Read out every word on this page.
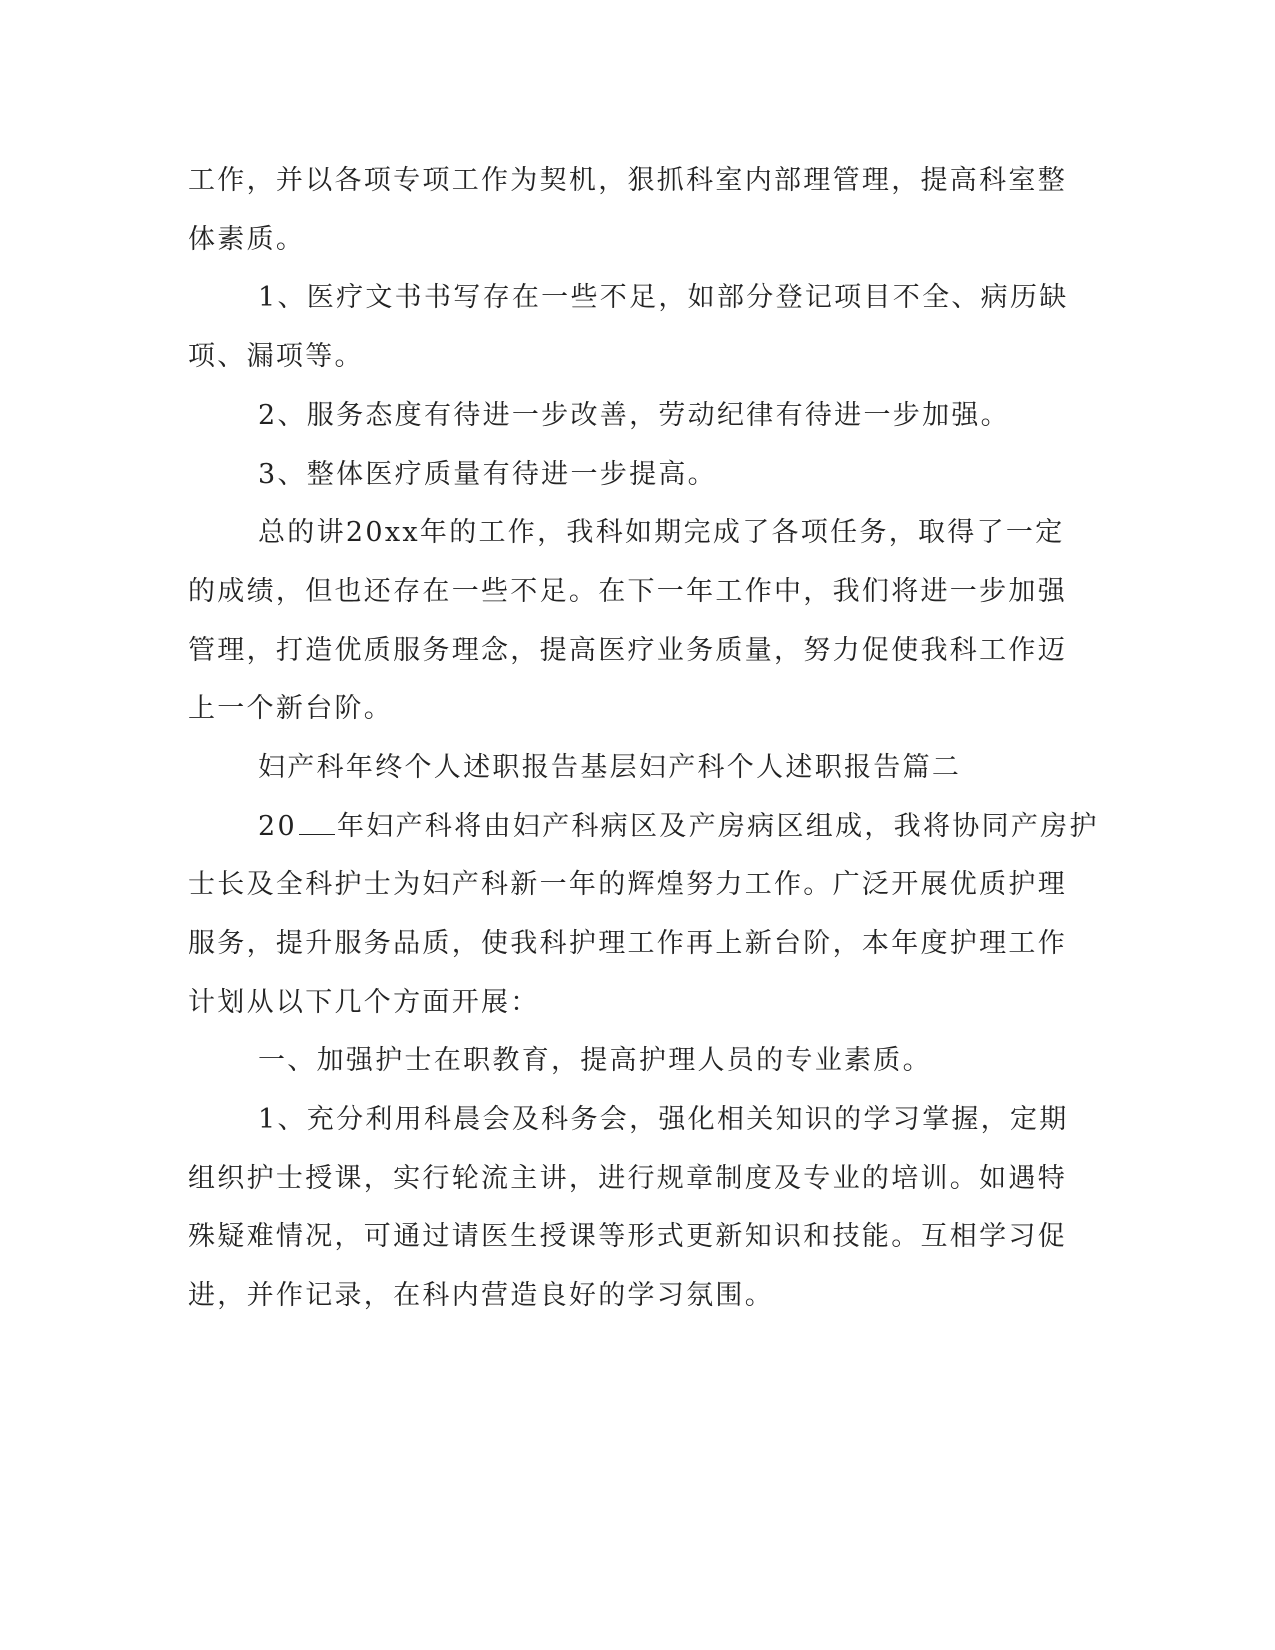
工作，并以各项专项工作为契机，狠抓科室内部理管理，提高科室整
体素质。
1、医疗文书书写存在一些不足，如部分登记项目不全、病历缺
项、漏项等。
2、服务态度有待进一步改善，劳动纪律有待进一步加强。
3、整体医疗质量有待进一步提高。
总的讲20xx年的工作，我科如期完成了各项任务，取得了一定
的成绩，但也还存在一些不足。在下一年工作中，我们将进一步加强
管理，打造优质服务理念，提高医疗业务质量，努力促使我科工作迈
上一个新台阶。
妇产科年终个人述职报告基层妇产科个人述职报告篇二
20 年妇产科将由妇产科病区及产房病区组成，我将协同产房护
士长及全科护士为妇产科新一年的辉煌努力工作。广泛开展优质护理
服务，提升服务品质，使我科护理工作再上新台阶，本年度护理工作
计划从以下几个方面开展：
一、加强护士在职教育，提高护理人员的专业素质。
1、充分利用科晨会及科务会，强化相关知识的学习掌握，定期
组织护士授课，实行轮流主讲，进行规章制度及专业的培训。如遇特
殊疑难情况，可通过请医生授课等形式更新知识和技能。互相学习促
进，并作记录，在科内营造良好的学习氛围。
